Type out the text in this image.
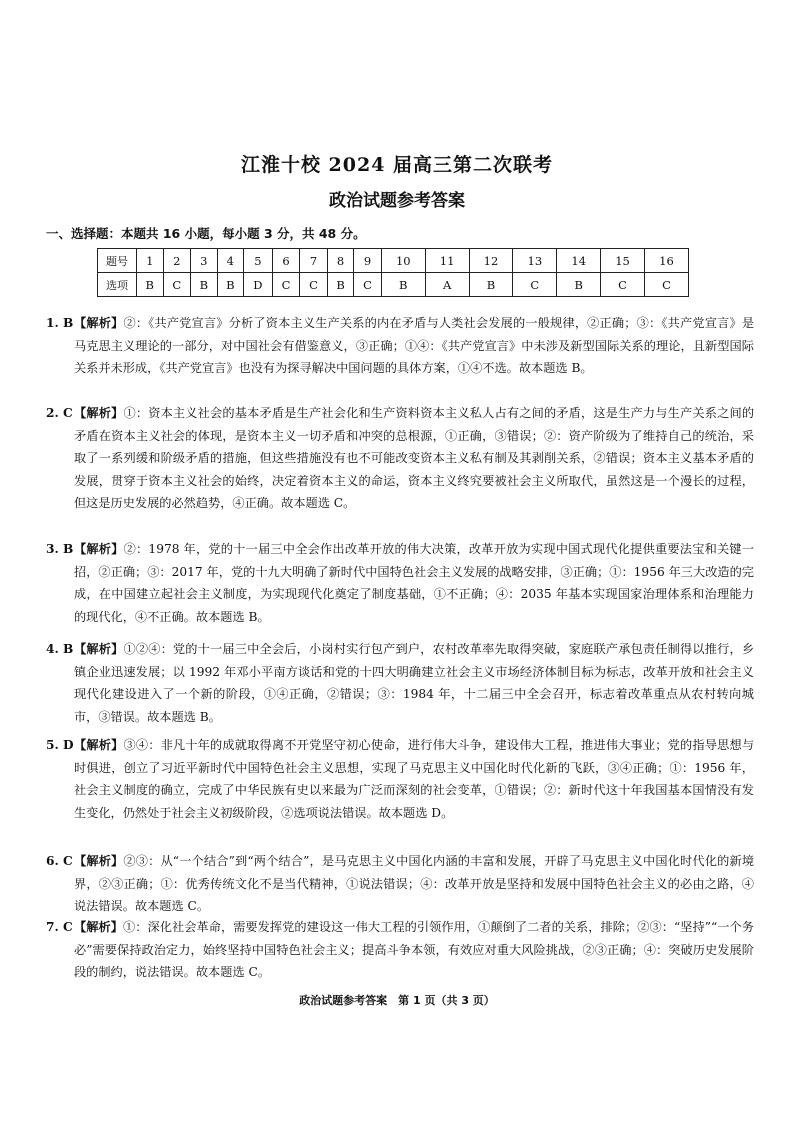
江淮十校 2024 届高三第二次联考
政治试题参考答案
一、选择题：本题共 16 小题，每小题 3 分，共 48 分。
题号	1	2	3	4	5	6	7	8	9	10	11	12	13	14	15	16
选项	B	C	B	B	D	C	C	B	C	B	A	B	C	B	C	C
1. B 【解析】②：《共产党宣言》分析了资本主义生产关系的内在矛盾与人类社会发展的一般规律，②正确；③：《共产党宣言》是马克思主义理论的一部分，对中国社会有借鉴意义，③正确；①④：《共产党宣言》中未涉及新型国际关系的理论，且新型国际关系并未形成，《共产党宣言》也没有为探寻解决中国问题的具体方案，①④不选。故本题选 B。
2. C 【解析】①：资本主义社会的基本矛盾是生产社会化和生产资料资本主义私人占有之间的矛盾，这是生产力与生产关系之间的矛盾在资本主义社会的体现，是资本主义一切矛盾和冲突的总根源，①正确，③错误；②：资产阶级为了维持自己的统治，采取了一系列缓和阶级矛盾的措施，但这些措施没有也不可能改变资本主义私有制及其剥削关系，②错误；资本主义基本矛盾的发展，贯穿于资本主义社会的始终，决定着资本主义的命运，资本主义终究要被社会主义所取代，虽然这是一个漫长的过程，但这是历史发展的必然趋势，④正确。故本题选 C。
3. B 【解析】②：1978 年，党的十一届三中全会作出改革开放的伟大决策，改革开放为实现中国式现代化提供重要法宝和关键一招，②正确；③：2017 年，党的十九大明确了新时代中国特色社会主义发展的战略安排，③正确；①：1956 年三大改造的完成，在中国建立起社会主义制度，为实现现代化奠定了制度基础，①不正确；④：2035 年基本实现国家治理体系和治理能力的现代化，④不正确。故本题选 B。
4. B 【解析】①②④：党的十一届三中全会后，小岗村实行包产到户，农村改革率先取得突破，家庭联产承包责任制得以推行，乡镇企业迅速发展；以 1992 年邓小平南方谈话和党的十四大明确建立社会主义市场经济体制目标为标志，改革开放和社会主义现代化建设进入了一个新的阶段，①④正确，②错误；③：1984 年，十二届三中全会召开，标志着改革重点从农村转向城市，③错误。故本题选 B。
5. D 【解析】③④：非凡十年的成就取得离不开党坚守初心使命，进行伟大斗争，建设伟大工程，推进伟大事业；党的指导思想与时俱进，创立了习近平新时代中国特色社会主义思想，实现了马克思主义中国化时代化新的飞跃，③④正确；①：1956 年，社会主义制度的确立，完成了中华民族有史以来最为广泛而深刻的社会变革，①错误；②：新时代这十年我国基本国情没有发生变化，仍然处于社会主义初级阶段，②选项说法错误。故本题选 D。
6. C 【解析】②③：从“一个结合”到“两个结合”，是马克思主义中国化内涵的丰富和发展，开辟了马克思主义中国化时代化的新境界，②③正确；①：优秀传统文化不是当代精神，①说法错误；④：改革开放是坚持和发展中国特色社会主义的必由之路，④说法错误。故本题选 C。
7. C 【解析】①：深化社会革命，需要发挥党的建设这一伟大工程的引领作用，①颠倒了二者的关系，排除；②③：“坚持”“一个务必”需要保持政治定力，始终坚持中国特色社会主义；提高斗争本领，有效应对重大风险挑战，②③正确；④：突破历史发展阶段的制约，说法错误。故本题选 C。
政治试题参考答案　第 1 页（共 3 页）
